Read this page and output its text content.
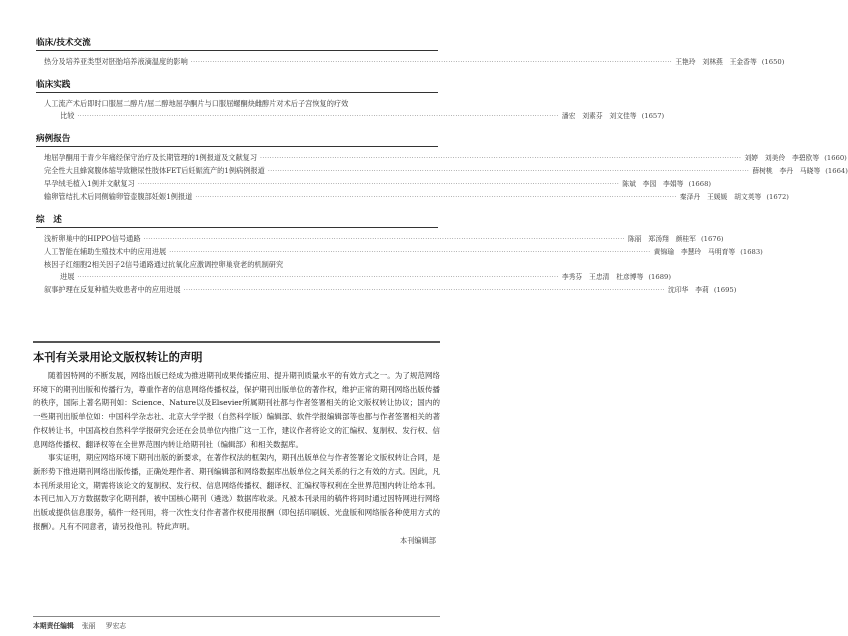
临床/技术交流
热分及培养亚类型对胚胎培养液滴温度的影响 ········································································································································································································ 王艳玲　刘林燕　王金香等 (1650)
临床实践
人工流产术后即时口服屈二醇片/屈二醇地屈孕酮片与口服屈螺酮炔雌醇片对术后子宫恢复的疗效
比较 ········································································································································································································ 潘宏　刘素芬　刘文佳等 (1657)
病例报告
地屈孕酮用于青少年痛经保守治疗及长期管理的1例报道及文献复习 ········································································································································································································ 刘婷　刘美伶　李碧欧等 (1660)
完全性大且蜂窝腹体缩导致糖尿性肢体FET后妊娠流产的1例病例报道 ········································································································································································································ 薛树桃　李丹　马晓等 (1664)
早孕绒毛植入1例并文献复习 ········································································································································································································ 陈斌　李园　李娟等 (1668)
输卵管结扎术后同侧输卵管壶腹部妊娠1例报道 ········································································································································································································ 秦泽丹　王媛媛　胡文英等 (1672)
综　述
浅析卵巢中的HIPPO信号通路 ········································································································································································································ 陈丽　郑汤翔　颜桂军 (1676)
人工智能在辅助生殖技术中的应用进展 ········································································································································································································ 黄锦瑜　李慧玲　马明育等 (1683)
核因子红细胞2相关因子2信号通路通过抗氧化应激调控卵巢衰老的机制研究
进展 ········································································································································································································ 李秀芬　王忠清　杜彦博等 (1689)
叙事护理在反复种植失败患者中的应用进展 ········································································································································································································ 沈印华　李莉 (1695)
本刊有关录用论文版权转让的声明

随着因特网的不断发展，网络出版已经成为推进期刊成果传播应用、提升期刊质量水平的有效方式之一。为了规范网络环境下的期刊出版和传播行为，尊重作者的信息网络传播权益，保护期刊出版单位的著作权，维护正常的期刊网络出版传播的秩序，国际上著名期刊如：Science、Nature以及Elsevier所属期刊社都与作者签署相关的论文版权转让协议；国内的一些期刊出版单位如：中国科学杂志社、北京大学学报（自然科学版）编辑部、软件学报编辑部等也都与作者签署相关的著作权转让书，中国高校自然科学学报研究会还在会员单位内推广这一工作，建议作者将论文的汇编权、复制权、发行权、信息网络传播权、翻译权等在全世界范围内转让给期刊社（编辑部）和相关数据库。

事实证明，期应网络环境下期刊出版的新要求，在著作权法的框架内，期刊出版单位与作者签署论文版权转让合同，是新形势下推进期刊网络出版传播，正确处理作者、期刊编辑部和网络数据库出版单位之间关系的行之有效的方式。因此，凡本刊所录用论文，期需将该论文的复制权、发行权、信息网络传播权、翻译权、汇编权等权利在全世界范围内转让给本刊。本刊已加入万方数据数字化期刊群，被中国核心期刊（遴选）数据库收录。凡被本刊录用的稿件将同时通过因特网进行网络出版或提供信息服务，稿件一经刊用，将一次性支付作者著作权使用报酬（即包括印刷版、光盘版和网络版各种使用方式的报酬）。凡有不同意者，请另投他刊。特此声明。

本刊编辑部
本期责任编辑 张丽 罗宏志
